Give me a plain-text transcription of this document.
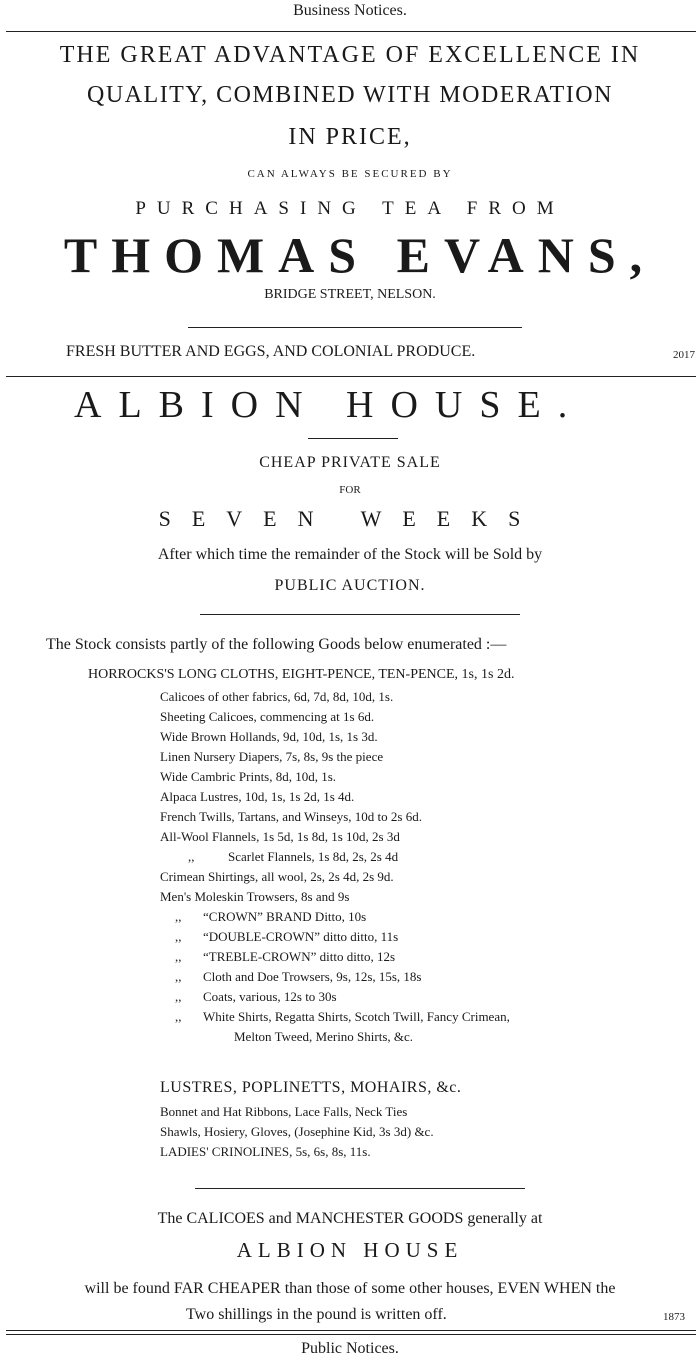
Business Notices.
THE GREAT ADVANTAGE OF EXCELLENCE IN
QUALITY, COMBINED WITH MODERATION
IN PRICE,
CAN ALWAYS BE SECURED BY
PURCHASING TEA FROM
THOMAS EVANS,
BRIDGE STREET, NELSON.
FRESH BUTTER AND EGGS, AND COLONIAL PRODUCE.	2017
ALBION HOUSE.
CHEAP PRIVATE SALE
FOR
SEVEN WEEKS
After which time the remainder of the Stock will be Sold by
PUBLIC AUCTION.
The Stock consists partly of the following Goods below enumerated :—
HORROCKS'S LONG CLOTHS, EIGHT-PENCE, TEN-PENCE, 1s, 1s 2d.
Calicoes of other fabrics, 6d, 7d, 8d, 10d, 1s.
Sheeting Calicoes, commencing at 1s 6d.
Wide Brown Hollands, 9d, 10d, 1s, 1s 3d.
Linen Nursery Diapers, 7s, 8s, 9s the piece
Wide Cambric Prints, 8d, 10d, 1s.
Alpaca Lustres, 10d, 1s, 1s 2d, 1s 4d.
French Twills, Tartans, and Winseys, 10d to 2s 6d.
All-Wool Flannels, 1s 5d, 1s 8d, 1s 10d, 2s 3d
,,	Scarlet Flannels, 1s 8d, 2s, 2s 4d
Crimean Shirtings, all wool, 2s, 2s 4d, 2s 9d.
Men's Moleskin Trowsers, 8s and 9s
,, “CROWN” BRAND Ditto, 10s
,, “DOUBLE-CROWN” ditto ditto, 11s
,, “TREBLE-CROWN” ditto ditto, 12s
,, Cloth and Doe Trowsers, 9s, 12s, 15s, 18s
,, Coats, various, 12s to 30s
,, White Shirts, Regatta Shirts, Scotch Twill, Fancy Crimean,
Melton Tweed, Merino Shirts, &c.
LUSTRES, POPLINETTS, MOHAIRS, &c.
Bonnet and Hat Ribbons, Lace Falls, Neck Ties
Shawls, Hosiery, Gloves, (Josephine Kid, 3s 3d) &c.
LADIES' CRINOLINES, 5s, 6s, 8s, 11s.
The CALICOES and MANCHESTER GOODS generally at
ALBION HOUSE
will be found FAR CHEAPER than those of some other houses, EVEN WHEN the
Two shillings in the pound is written off.	1873
Public Notices.
